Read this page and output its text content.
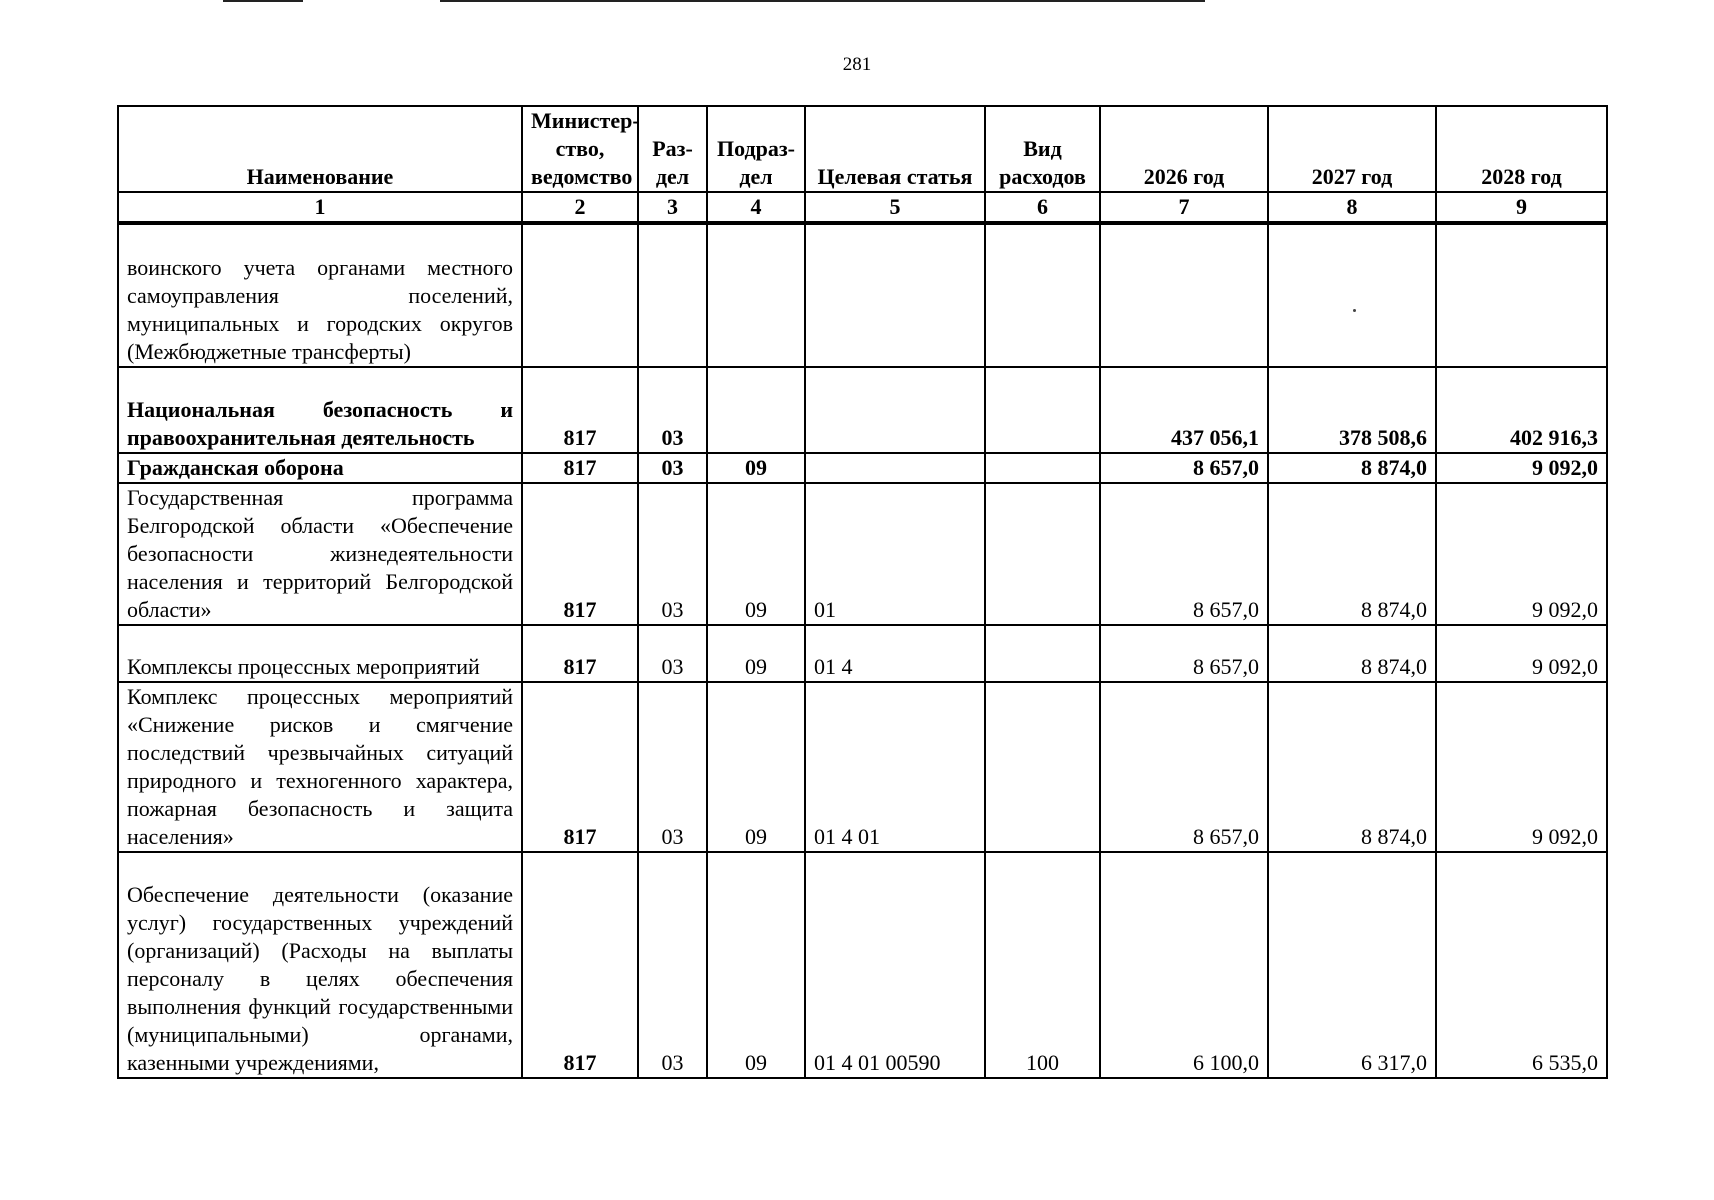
281
Наименование	Министер-ство, ведомство	Раз-дел	Подраз-дел	Целевая статья	Вид расходов	2026 год	2027 год	2028 год
1	2	3	4	5	6	7	8	9
воинского учета органами местного самоуправления поселений, муниципальных и городских округов (Межбюджетные трансферты)								
Национальная безопасность и правоохранительная деятельность	817	03				437 056,1	378 508,6	402 916,3
Гражданская оборона	817	03	09			8 657,0	8 874,0	9 092,0
Государственная программа Белгородской области «Обеспечение безопасности жизнедеятельности населения и территорий Белгородской области»	817	03	09	01		8 657,0	8 874,0	9 092,0
Комплексы процессных мероприятий	817	03	09	01 4		8 657,0	8 874,0	9 092,0
Комплекс процессных мероприятий «Снижение рисков и смягчение последствий чрезвычайных ситуаций природного и техногенного характера, пожарная безопасность и защита населения»	817	03	09	01 4 01		8 657,0	8 874,0	9 092,0
Обеспечение деятельности (оказание услуг) государственных учреждений (организаций) (Расходы на выплаты персоналу в целях обеспечения выполнения функций государственными (муниципальными) органами, казенными учреждениями,	817	03	09	01 4 01 00590	100	6 100,0	6 317,0	6 535,0
